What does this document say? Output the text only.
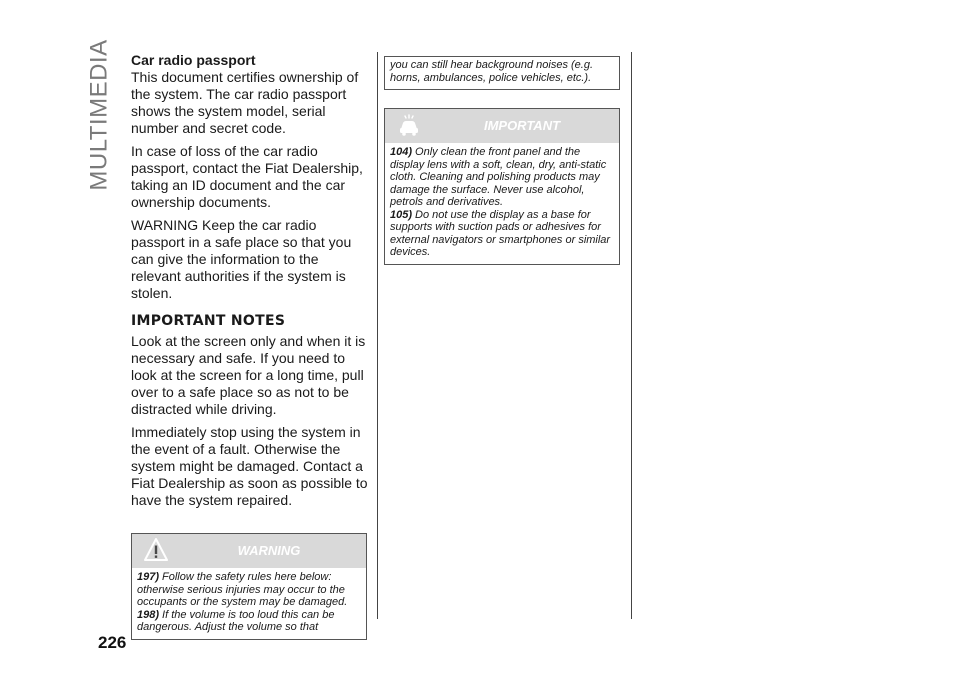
MULTIMEDIA
226

Car radio passport

This document certifies ownership of the system. The car radio passport shows the system model, serial number and secret code.

In case of loss of the car radio passport, contact the Fiat Dealership, taking an ID document and the car ownership documents.

WARNING Keep the car radio passport in a safe place so that you can give the information to the relevant authorities if the system is stolen.

IMPORTANT NOTES

Look at the screen only and when it is necessary and safe. If you need to look at the screen for a long time, pull over to a safe place so as not to be distracted while driving.

Immediately stop using the system in the event of a fault. Otherwise the system might be damaged. Contact a Fiat Dealership as soon as possible to have the system repaired.

WARNING

197) Follow the safety rules here below: otherwise serious injuries may occur to the occupants or the system may be damaged.

198) If the volume is too loud this can be dangerous. Adjust the volume so that

you can still hear background noises (e.g. horns, ambulances, police vehicles, etc.).
IMPORTANT

104) Only clean the front panel and the display lens with a soft, clean, dry, anti-static cloth. Cleaning and polishing products may damage the surface. Never use alcohol, petrols and derivatives.

105) Do not use the display as a base for supports with suction pads or adhesives for external navigators or smartphones or similar devices.
